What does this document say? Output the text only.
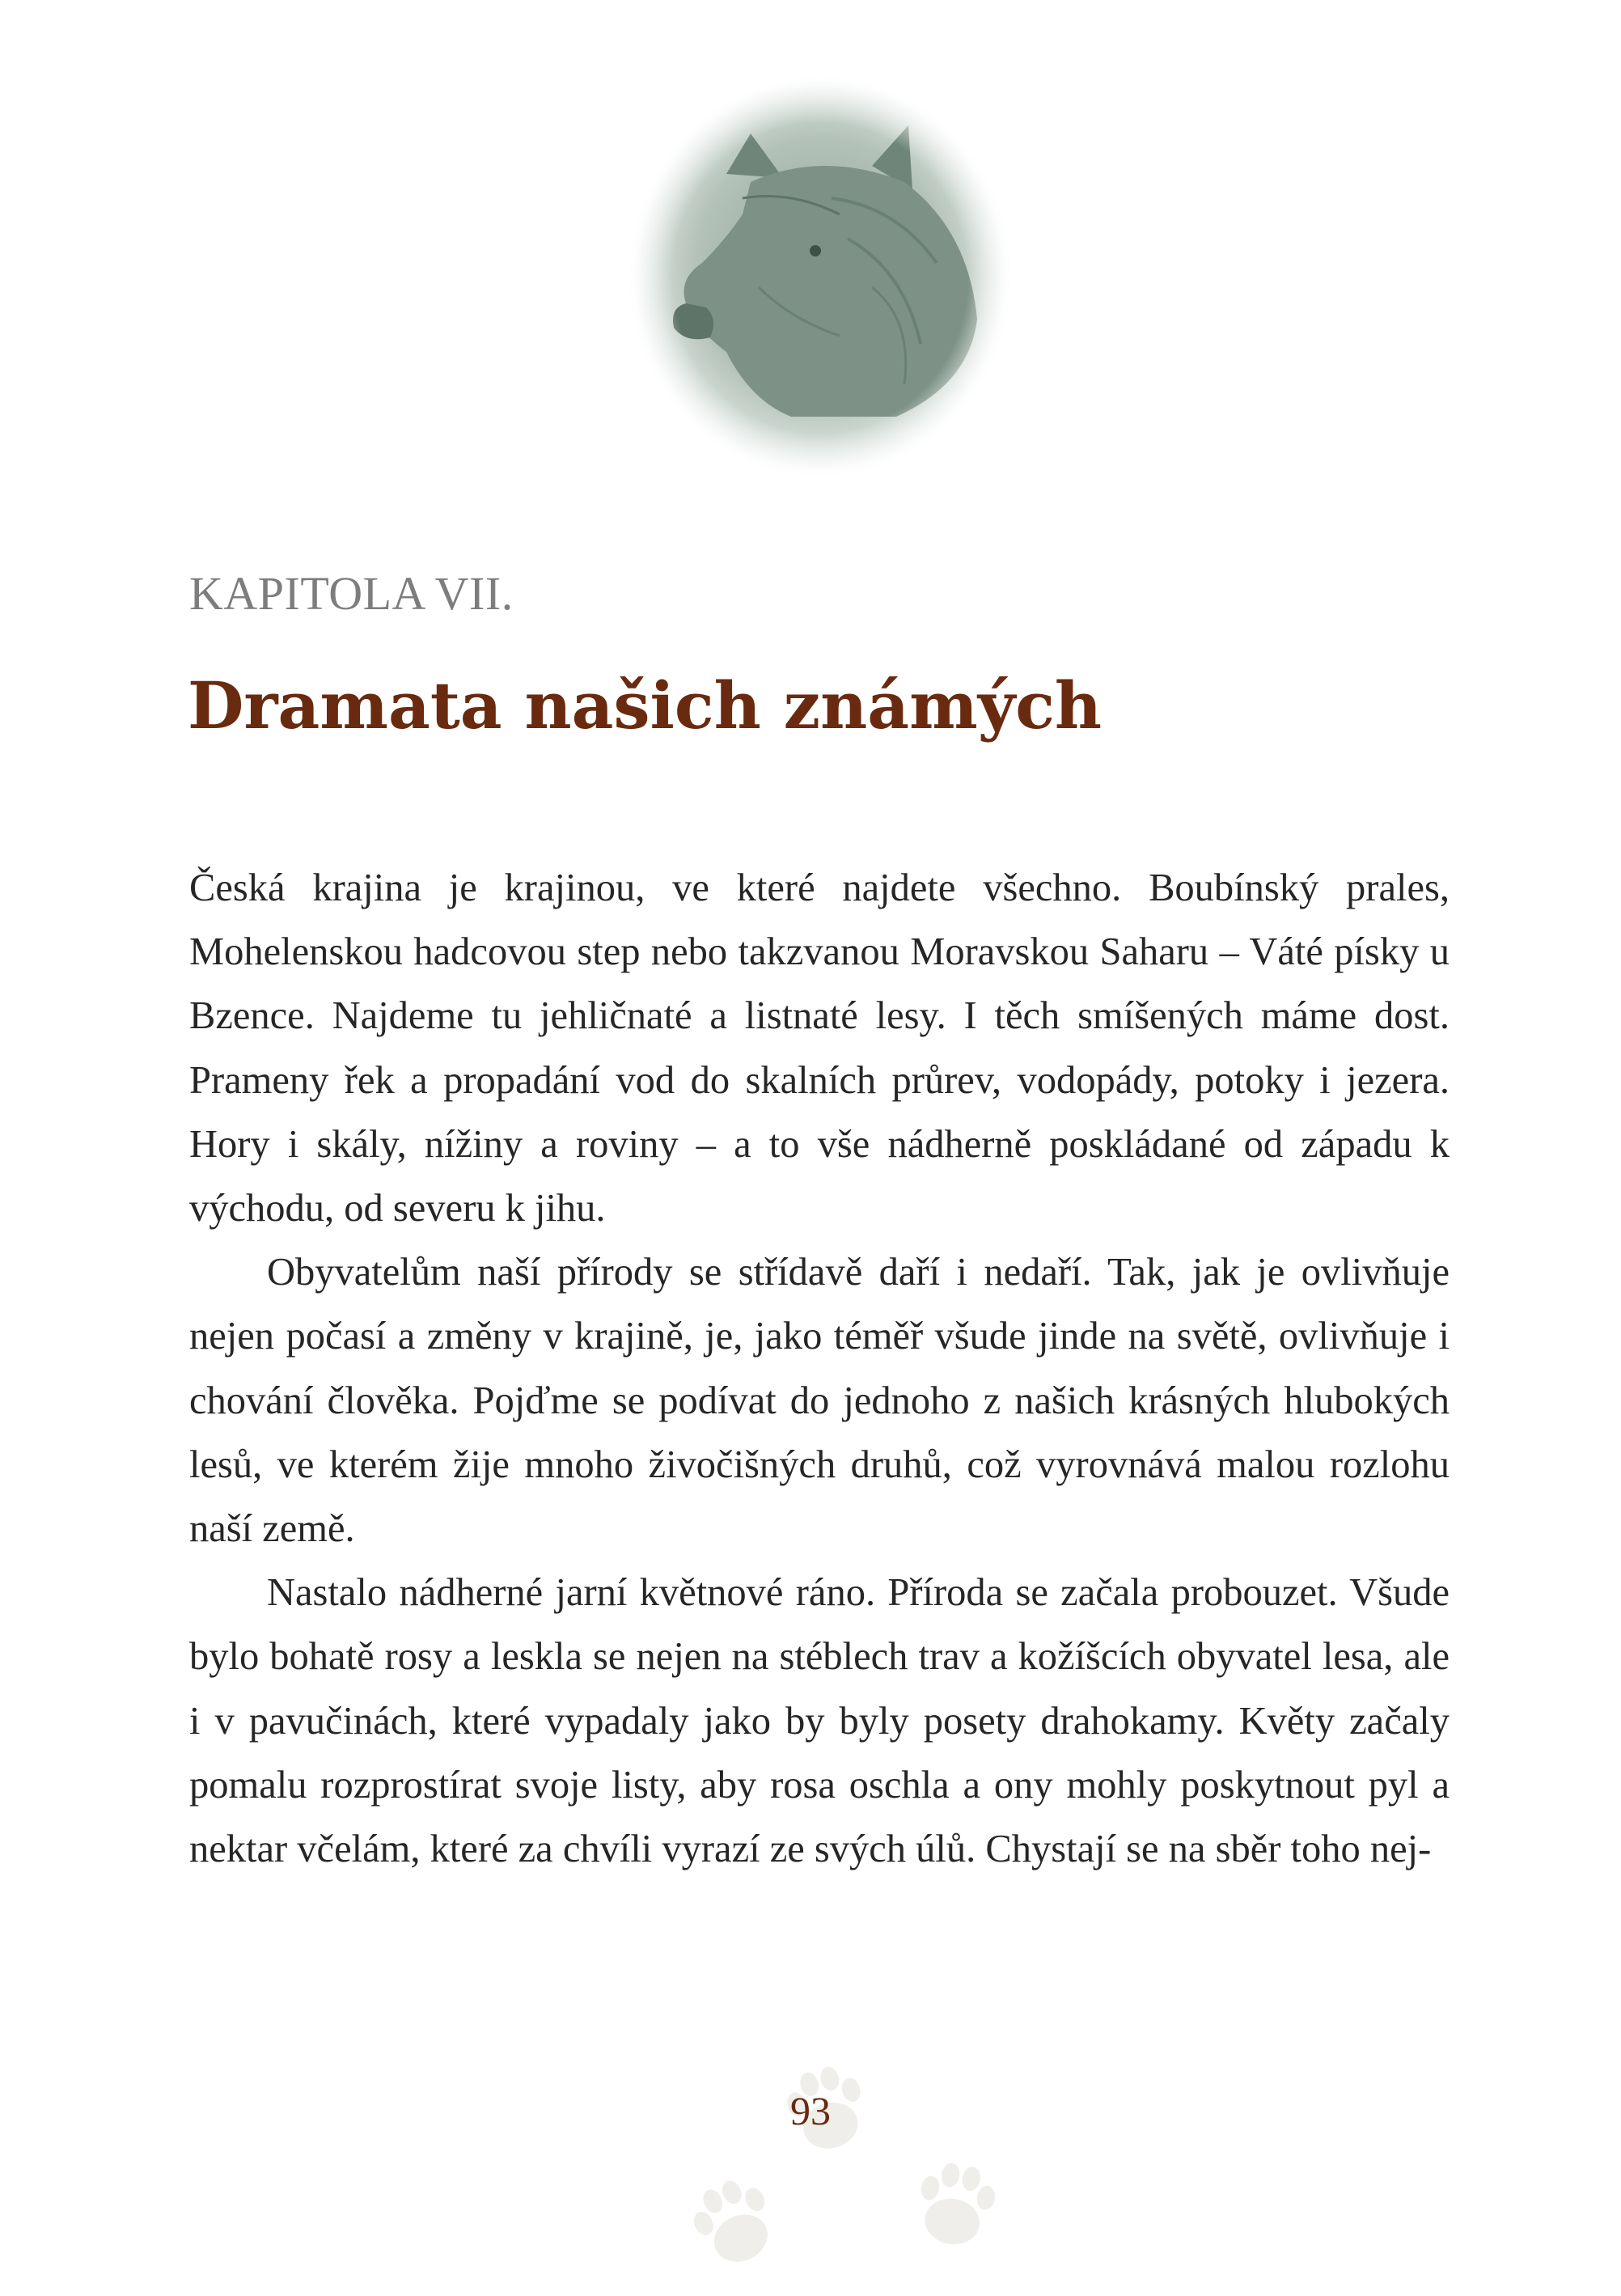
KAPITOLA VII.
Dramata našich známých

Česká krajina je krajinou, ve které najdete všechno. Boubínský prales, Mohelenskou hadcovou step nebo takzvanou Moravskou Saharu – Váté písky u Bzence. Najdeme tu jehličnaté a listnaté lesy. I těch smíšených máme dost. Prameny řek a propadání vod do skalních průrev, vodopády, potoky i jezera. Hory i skály, nížiny a roviny – a to vše nádherně poskládané od západu k východu, od severu k jihu.

Obyvatelům naší přírody se střídavě daří i nedaří. Tak, jak je ovlivňuje nejen počasí a změny v krajině, je, jako téměř všude jinde na světě, ovlivňuje i chování člověka. Pojďme se podívat do jednoho z našich krásných hlubokých lesů, ve kterém žije mnoho živočišných druhů, což vyrovnává malou rozlohu naší země.

Nastalo nádherné jarní květnové ráno. Příroda se začala probouzet. Všude bylo bohatě rosy a leskla se nejen na stéblech trav a kožíšcích obyvatel lesa, ale i v pavučinách, které vypadaly jako by byly posety drahokamy. Květy začaly pomalu rozprostírat svoje listy, aby rosa oschla a ony mohly poskytnout pyl a nektar včelám, které za chvíli vyrazí ze svých úlů. Chystají se na sběr toho nej-

93
